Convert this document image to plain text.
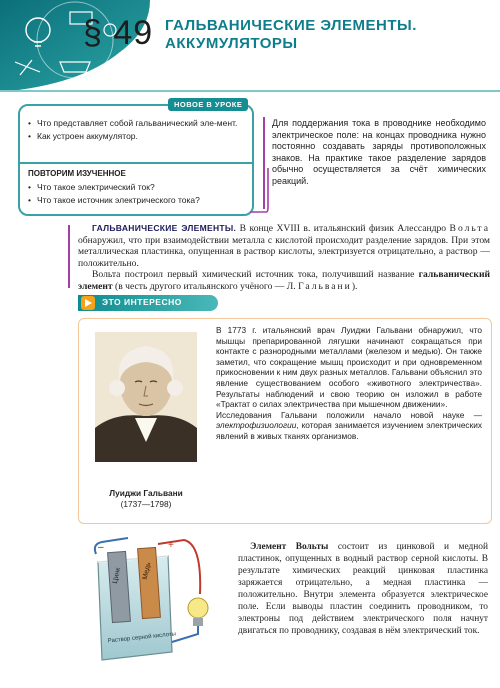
§ 49 ГАЛЬВАНИЧЕСКИЕ ЭЛЕМЕНТЫ.
АККУМУЛЯТОРЫ
• Что представляет собой гальванический эле-мент.
• Как устроен аккумулятор.
ПОВТОРИМ ИЗУЧЕННОЕ
• Что такое электрический ток?
• Что такое источник электрического тока?
НОВОЕ В УРОКЕ
Для поддержания тока в проводнике необходимо электрическое поле: на концах проводника нужно постоянно создавать заряды противоположных знаков. На практике такое разделение зарядов обычно осуществляется за счёт химических реакций.

ГАЛЬВАНИЧЕСКИЕ ЭЛЕМЕНТЫ. В конце XVIII в. итальянский физик Алессандро Вольта обнаружил, что при взаимодействии металла с кислотой происходит разделение зарядов. При этом металлическая пластинка, опущенная в раствор кислоты, электризуется отрицательно, а раствор — положительно.

Вольта построил первый химический источник тока, получивший название гальванический элемент (в честь другого итальянского учёного — Л. Гальвани).

ЭТО ИНТЕРЕСНО
Луиджи Гальвани
(1737—1798)

В 1773 г. итальянский врач Луиджи Гальвани обнаружил, что мышцы препарированной лягушки начинают сокращаться при контакте с разнородными металлами (железом и медью). Он также заметил, что сокращение мышц происходит и при одновременном прикосновении к ним двух разных металлов. Гальвани объяснил это явление существованием особого «животного электричества». Результаты наблюдений и свою теорию он изложил в работе «Трактат о силах электричества при мышечном движении».

Исследования Гальвани положили начало новой науке — электрофизиологии, которая занимается изучением электрических явлений в живых тканях организмов.

–	+
Цинк	Медь
Раствор серной кислоты

Элемент Вольты состоит из цинковой и медной пластинок, опущенных в водный раствор серной кислоты. В результате химических реакций цинковая пластинка заряжается отрицательно, а медная пластинка — положительно. Внутри элемента образуется электрическое поле. Если выводы пластин соединить проводником, то электроны под действием электрического поля начнут двигаться по проводнику, создавая в нём электрический ток.
